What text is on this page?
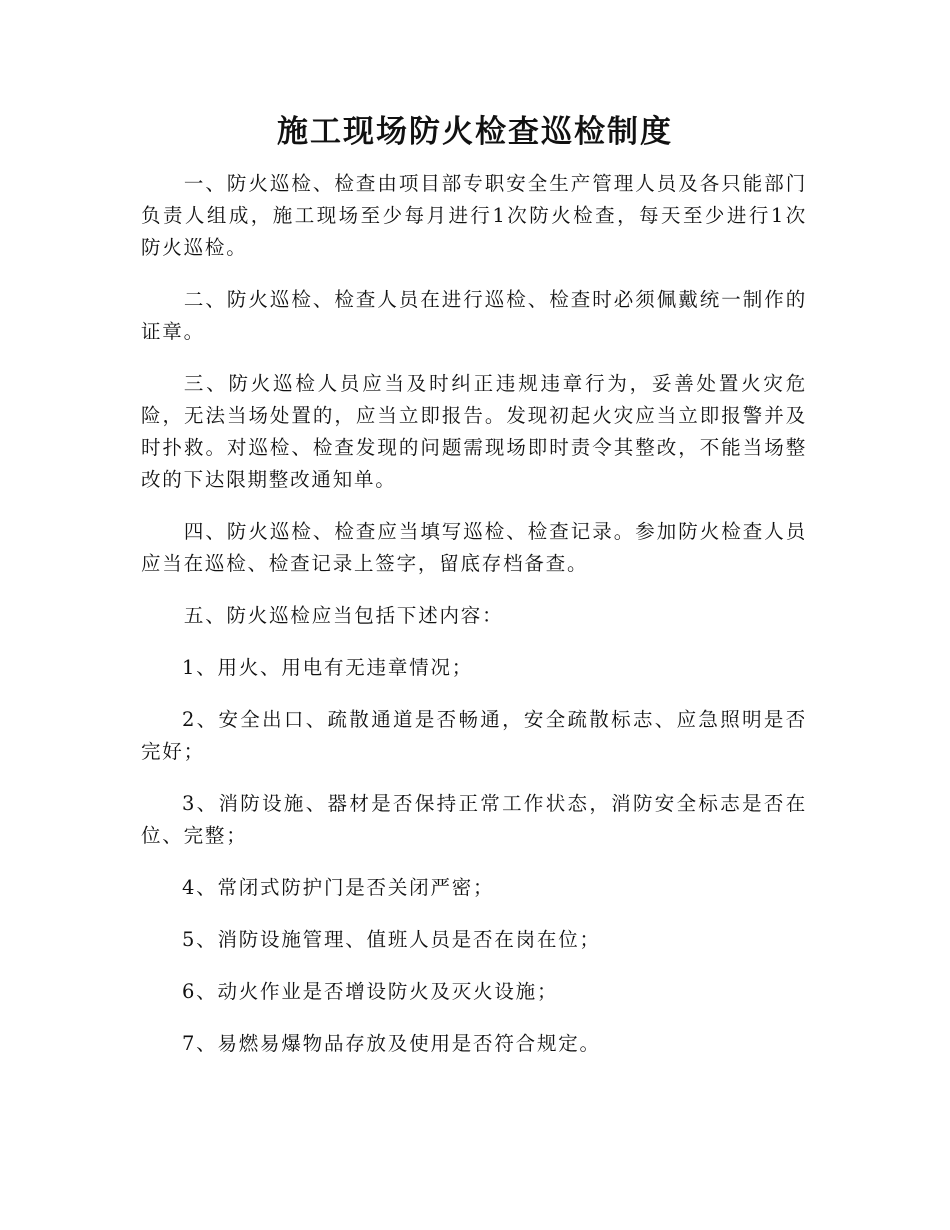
施工现场防火检查巡检制度

一、防火巡检、检查由项目部专职安全生产管理人员及各只能部门负责人组成，施工现场至少每月进行1次防火检查，每天至少进行1次防火巡检。

二、防火巡检、检查人员在进行巡检、检查时必须佩戴统一制作的证章。

三、防火巡检人员应当及时纠正违规违章行为，妥善处置火灾危险，无法当场处置的，应当立即报告。发现初起火灾应当立即报警并及时扑救。对巡检、检查发现的问题需现场即时责令其整改，不能当场整改的下达限期整改通知单。

四、防火巡检、检查应当填写巡检、检查记录。参加防火检查人员应当在巡检、检查记录上签字，留底存档备查。

五、防火巡检应当包括下述内容：

1、用火、用电有无违章情况；

2、安全出口、疏散通道是否畅通，安全疏散标志、应急照明是否完好；

3、消防设施、器材是否保持正常工作状态，消防安全标志是否在位、完整；

4、常闭式防护门是否关闭严密；

5、消防设施管理、值班人员是否在岗在位；

6、动火作业是否增设防火及灭火设施；

7、易燃易爆物品存放及使用是否符合规定。
